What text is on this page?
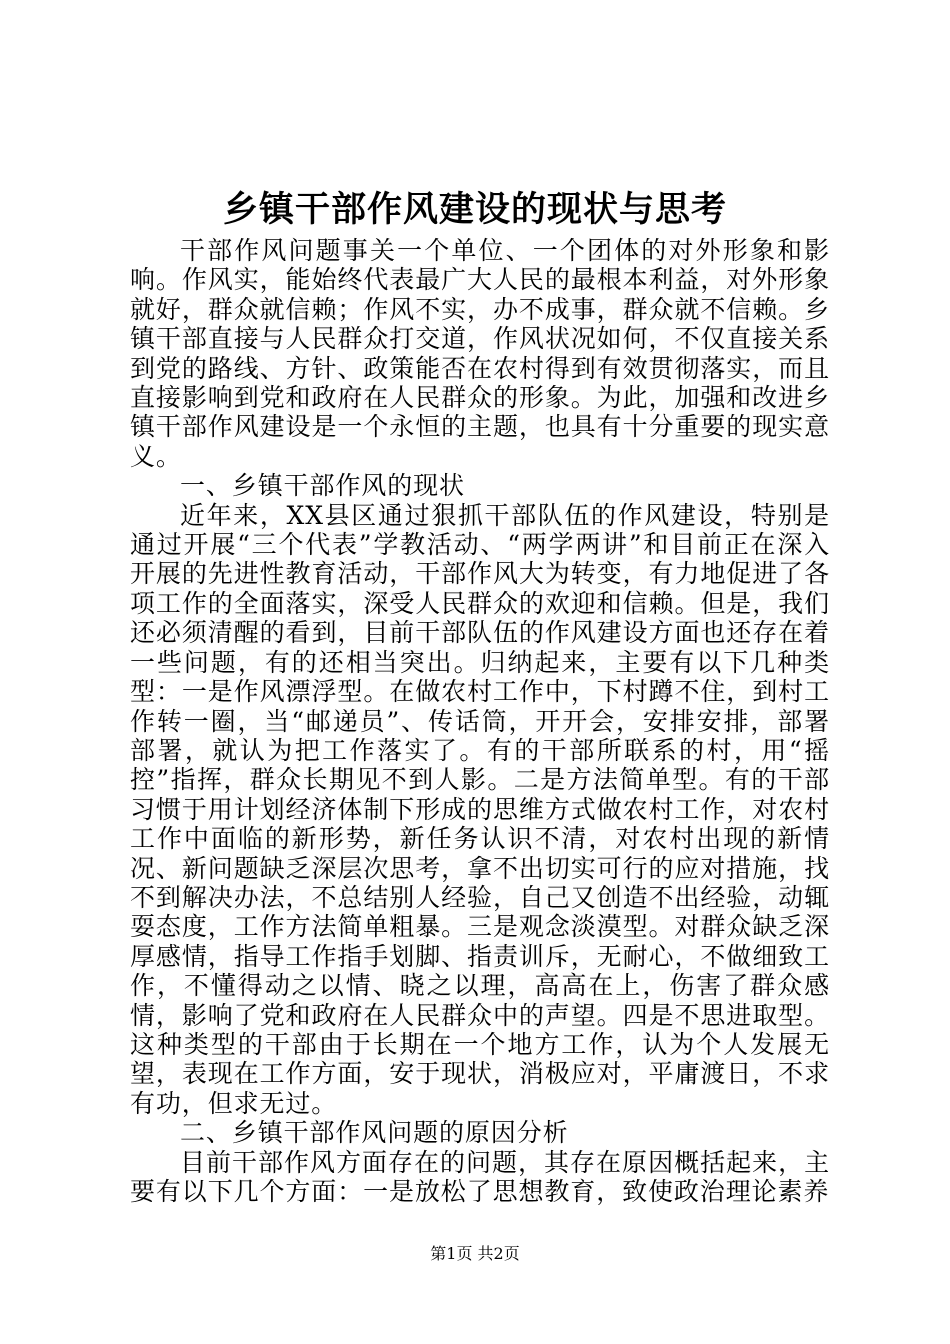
乡镇干部作风建设的现状与思考

干部作风问题事关一个单位、一个团体的对外形象和影响。作风实，能始终代表最广大人民的最根本利益，对外形象就好，群众就信赖；作风不实，办不成事，群众就不信赖。乡镇干部直接与人民群众打交道，作风状况如何，不仅直接关系到党的路线、方针、政策能否在农村得到有效贯彻落实，而且直接影响到党和政府在人民群众的形象。为此，加强和改进乡镇干部作风建设是一个永恒的主题，也具有十分重要的现实意义。

一、乡镇干部作风的现状

近年来，XX县区通过狠抓干部队伍的作风建设，特别是通过开展“三个代表”学教活动、“两学两讲”和目前正在深入开展的先进性教育活动，干部作风大为转变，有力地促进了各项工作的全面落实，深受人民群众的欢迎和信赖。但是，我们还必须清醒的看到，目前干部队伍的作风建设方面也还存在着一些问题，有的还相当突出。归纳起来，主要有以下几种类型：一是作风漂浮型。在做农村工作中，下村蹲不住，到村工作转一圈，当“邮递员”、传话筒，开开会，安排安排，部署部署，就认为把工作落实了。有的干部所联系的村，用“摇控”指挥，群众长期见不到人影。二是方法简单型。有的干部习惯于用计划经济体制下形成的思维方式做农村工作，对农村工作中面临的新形势，新任务认识不清，对农村出现的新情况、新问题缺乏深层次思考，拿不出切实可行的应对措施，找不到解决办法，不总结别人经验，自己又创造不出经验，动辄耍态度，工作方法简单粗暴。三是观念淡漠型。对群众缺乏深厚感情，指导工作指手划脚、指责训斥，无耐心，不做细致工作，不懂得动之以情、晓之以理，高高在上，伤害了群众感情，影响了党和政府在人民群众中的声望。四是不思进取型。这种类型的干部由于长期在一个地方工作，认为个人发展无望，表现在工作方面，安于现状，消极应对，平庸渡日，不求有功，但求无过。

二、乡镇干部作风问题的原因分析

目前干部作风方面存在的问题，其存在原因概括起来，主要有以下几个方面：一是放松了思想教育，致使政治理论素养

第1页 共2页
